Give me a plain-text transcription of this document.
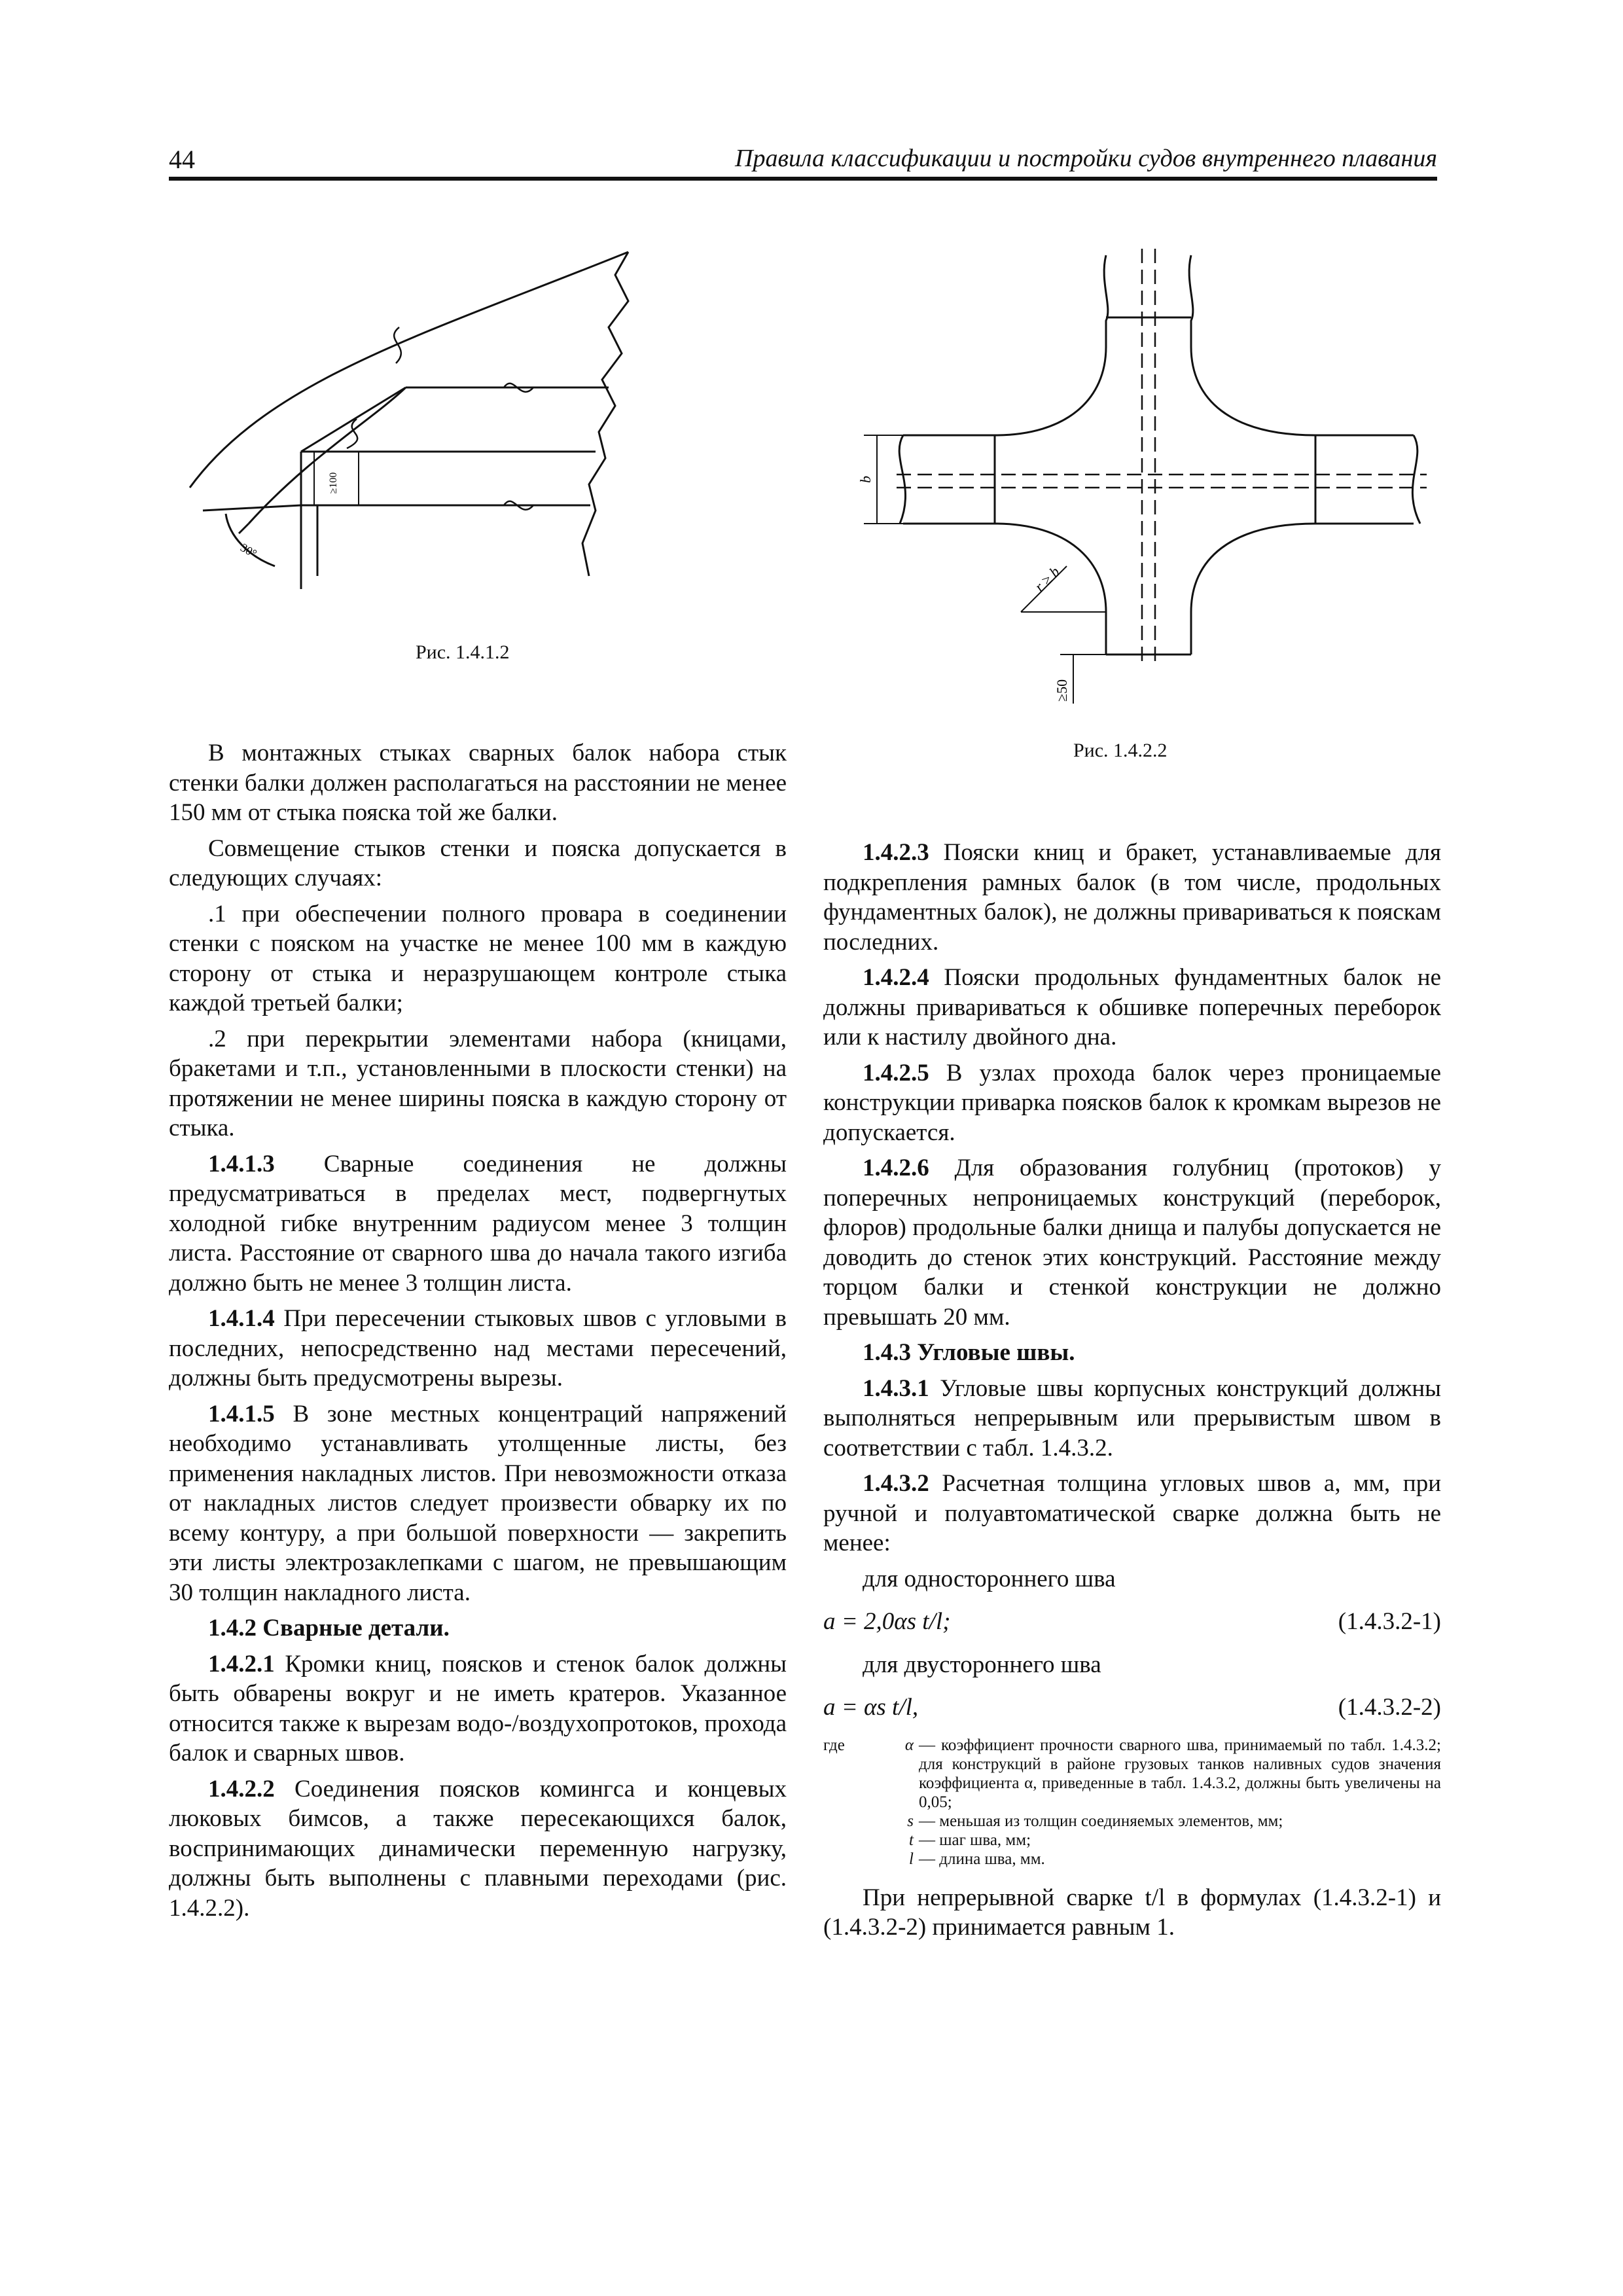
44	Правила классификации и постройки судов внутреннего плавания
≥100
30°
Рис. 1.4.1.2
b
r ≥ b
≥50
Рис. 1.4.2.2

В монтажных стыках сварных балок набора стык стенки балки должен располагаться на расстоянии не менее 150 мм от стыка пояска той же балки.

Совмещение стыков стенки и пояска допускается в следующих случаях:

.1 при обеспечении полного провара в соединении стенки с пояском на участке не менее 100 мм в каждую сторону от стыка и неразрушающем контроле стыка каждой третьей балки;

.2 при перекрытии элементами набора (кницами, бракетами и т.п., установленными в плоскости стенки) на протяжении не менее ширины пояска в каждую сторону от стыка.

1.4.1.3 Сварные соединения не должны предусматриваться в пределах мест, подвергнутых холодной гибке внутренним радиусом менее 3 толщин листа. Расстояние от сварного шва до начала такого изгиба должно быть не менее 3 толщин листа.

1.4.1.4 При пересечении стыковых швов с угловыми в последних, непосредственно над местами пересечений, должны быть предусмотрены вырезы.

1.4.1.5 В зоне местных концентраций напряжений необходимо устанавливать утолщенные листы, без применения накладных листов. При невозможности отказа от накладных листов следует произвести обварку их по всему контуру, а при большой поверхности — закрепить эти листы электрозаклепками с шагом, не превышающим 30 толщин накладного листа.

1.4.2 Сварные детали.

1.4.2.1 Кромки книц, поясков и стенок балок должны быть обварены вокруг и не иметь кратеров. Указанное относится также к вырезам водо-/воздухопротоков, прохода балок и сварных швов.

1.4.2.2 Соединения поясков комингса и концевых люковых бимсов, а также пересекающихся балок, воспринимающих динамически переменную нагрузку, должны быть выполнены с плавными переходами (рис. 1.4.2.2).

1.4.2.3 Пояски книц и бракет, устанавливаемые для подкрепления рамных балок (в том числе, продольных фундаментных балок), не должны привариваться к пояскам последних.

1.4.2.4 Пояски продольных фундаментных балок не должны привариваться к обшивке поперечных переборок или к настилу двойного дна.

1.4.2.5 В узлах прохода балок через проницаемые конструкции приварка поясков балок к кромкам вырезов не допускается.

1.4.2.6 Для образования голубниц (протоков) у поперечных непроницаемых конструкций (переборок, флоров) продольные балки днища и палубы допускается не доводить до стенок этих конструкций. Расстояние между торцом балки и стенкой конструкции не должно превышать 20 мм.

1.4.3 Угловые швы.

1.4.3.1 Угловые швы корпусных конструкций должны выполняться непрерывным или прерывистым швом в соответствии с табл. 1.4.3.2.

1.4.3.2 Расчетная толщина угловых швов a, мм, при ручной и полуавтоматической сварке должна быть не менее:

для одностороннего шва

a = 2,0αs t/l;	(1.4.3.2-1)

для двустороннего шва

a = αs t/l,	(1.4.3.2-2)
где	α — коэффициент прочности сварного шва, принимаемый по табл. 1.4.3.2; для конструкций в районе грузовых танков наливных судов значения коэффициента α, приведенные в табл. 1.4.3.2, должны быть увеличены на 0,05;
s — меньшая из толщин соединяемых элементов, мм;
t — шаг шва, мм;
l — длина шва, мм.

При непрерывной сварке t/l в формулах (1.4.3.2-1) и (1.4.3.2-2) принимается равным 1.
